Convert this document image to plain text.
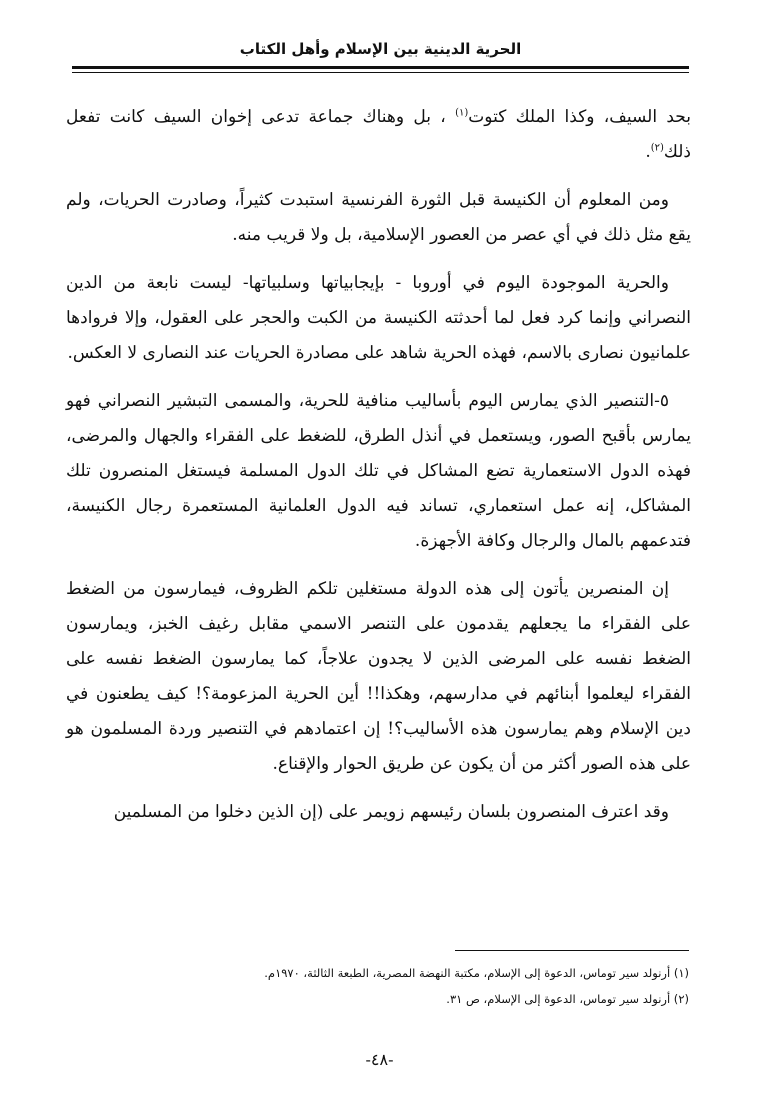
الحرية الدينية بين الإسلام وأهل الكتاب

بحد السيف، وكذا الملك كتوت$^{(١)}$ ، بل وهناك جماعة تدعى إخوان السيف كانت تفعل ذلك$^{(٢)}$.

ومن المعلوم أن الكنيسة قبل الثورة الفرنسية استبدت كثيراً، وصادرت الحريات، ولم يقع مثل ذلك في أي عصر من العصور الإسلامية، بل ولا قريب منه.

والحرية الموجودة اليوم في أوروبا - بإيجابياتها وسلبياتها- ليست نابعة من الدين النصراني وإنما كرد فعل لما أحدثته الكنيسة من الكبت والحجر على العقول، وإلا فروادها علمانيون نصارى بالاسم، فهذه الحرية شاهد على مصادرة الحريات عند النصارى لا العكس.

٥-التنصير الذي يمارس اليوم بأساليب منافية للحرية، والمسمى التبشير النصراني فهو يمارس بأقبح الصور، ويستعمل في أنذل الطرق، للضغط على الفقراء والجهال والمرضى، فهذه الدول الاستعمارية تضع المشاكل في تلك الدول المسلمة فيستغل المنصرون تلك المشاكل، إنه عمل استعماري، تساند فيه الدول العلمانية المستعمرة رجال الكنيسة، فتدعمهم بالمال والرجال وكافة الأجهزة.

إن المنصرين يأتون إلى هذه الدولة مستغلين تلكم الظروف، فيمارسون من الضغط على الفقراء ما يجعلهم يقدمون على التنصر الاسمي مقابل رغيف الخبز، ويمارسون الضغط نفسه على المرضى الذين لا يجدون علاجاً، كما يمارسون الضغط نفسه على الفقراء ليعلموا أبنائهم في مدارسهم، وهكذا!! أين الحرية المزعومة؟! كيف يطعنون في دين الإسلام وهم يمارسون هذه الأساليب؟! إن اعتمادهم في التنصير وردة المسلمون هو على هذه الصور أكثر من أن يكون عن طريق الحوار والإقناع.

وقد اعترف المنصرون بلسان رئيسهم زويمر على (إن الذين دخلوا من المسلمين

(١) أرنولد سير توماس، الدعوة إلى الإسلام، مكتبة النهضة المصرية، الطبعة الثالثة، ١٩٧٠م.

(٢) أرنولد سير توماس، الدعوة إلى الإسلام، ص ٣١.

-٤٨-
